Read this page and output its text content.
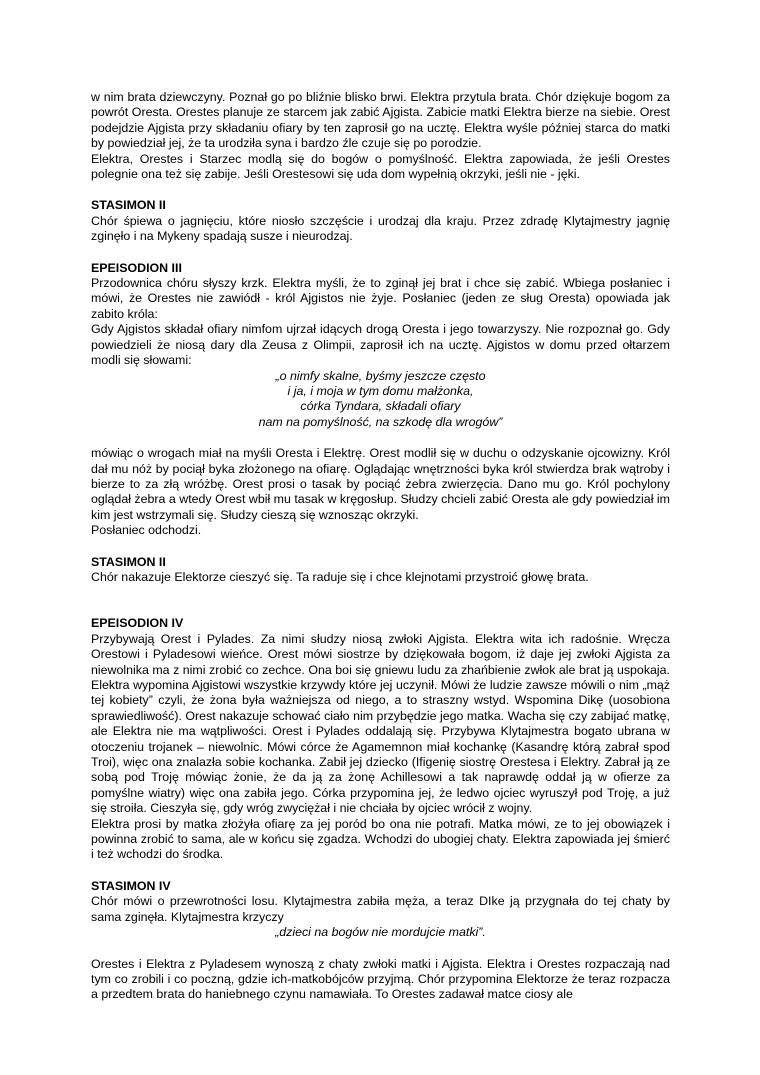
w nim brata dziewczyny. Poznał go po bliźnie blisko brwi. Elektra przytula brata. Chór dziękuje bogom za powrót Oresta. Orestes planuje ze starcem jak zabić Ajgista. Zabicie matki Elektra bierze na siebie. Orest podejdzie Ajgista przy składaniu ofiary by ten zaprosił go na ucztę. Elektra wyśle później starca do matki by powiedział jej, że ta urodziła syna i bardzo źle czuje się po porodzie.

Elektra, Orestes i Starzec modlą się do bogów o pomyślność. Elektra zapowiada, że jeśli Orestes polegnie ona też się zabije. Jeśli Orestesowi się uda dom wypełnią okrzyki, jeśli nie - jęki.

STASIMON II

Chór śpiewa o jagnięciu, które niosło szczęście i urodzaj dla kraju. Przez zdradę Klytajmestry jagnię zginęło i na Mykeny spadają susze i nieurodzaj.

EPEISODION III

Przodownica chóru słyszy krzk. Elektra myśli, że to zginął jej brat i chce się zabić. Wbiega posłaniec i mówi, że Orestes nie zawiódł - król Ajgistos nie żyje. Posłaniec (jeden ze sług Oresta) opowiada jak zabito króla:

Gdy Ajgistos składał ofiary nimfom ujrzał idących drogą Oresta i jego towarzyszy. Nie rozpoznał go. Gdy powiedzieli że niosą dary dla Zeusa z Olimpii, zaprosił ich na ucztę. Ajgistos w domu przed ołtarzem modli się słowami:

„o nimfy skalne, byśmy jeszcze często

i ja, i moja w tym domu małżonka,

córka Tyndara, składali ofiary

nam na pomyślność, na szkodę dla wrogów”

mówiąc o wrogach miał na myśli Oresta i Elektrę. Orest modlił się w duchu o odzyskanie ojcowizny. Król dał mu nóż by pociął byka złożonego na ofiarę. Oglądając wnętrzności byka król stwierdza brak wątroby i bierze to za złą wróżbę. Orest prosi o tasak by pociąć żebra zwierzęcia. Dano mu go. Król pochylony oglądał żebra a wtedy Orest wbił mu tasak w kręgosłup. Słudzy chcieli zabić Oresta ale gdy powiedział im kim jest wstrzymali się. Słudzy cieszą się wznosząc okrzyki.

Posłaniec odchodzi.

STASIMON II

Chór nakazuje Elektorze cieszyć się. Ta raduje się i chce klejnotami przystroić głowę brata.

EPEISODION IV

Przybywają Orest i Pylades. Za nimi słudzy niosą zwłoki Ajgista. Elektra wita ich radośnie. Wręcza Orestowi i Pyladesowi wieńce. Orest mówi siostrze by dziękowała bogom, iż daje jej zwłoki Ajgista za niewolnika ma z nimi zrobić co zechce. Ona boi się gniewu ludu za zhańbienie zwłok ale brat ją uspokaja. Elektra wypomina Ajgistowi wszystkie krzywdy które jej uczynił. Mówi że ludzie zawsze mówili o nim „mąż tej kobiety” czyli, że żona była ważniejsza od niego, a to straszny wstyd. Wspomina Dikę (uosobiona sprawiedliwość). Orest nakazuje schować ciało nim przybędzie jego matka. Wacha się czy zabijać matkę, ale Elektra nie ma wątpliwości. Orest i Pylades oddalają się. Przybywa Klytajmestra bogato ubrana w otoczeniu trojanek – niewolnic. Mówi córce że Agamemnon miał kochankę (Kasandrę którą zabrał spod Troi), więc ona znalazła sobie kochanka. Zabił jej dziecko (Ifigenię siostrę Orestesa i Elektry. Zabrał ją ze sobą pod Troję mówiąc żonie, że da ją za żonę Achillesowi a tak naprawdę oddał ją w ofierze za pomyślne wiatry) więc ona zabiła jego. Córka przypomina jej, że ledwo ojciec wyruszył pod Troję, a już się stroiła. Cieszyła się, gdy wróg zwyciężał i nie chciała by ojciec wrócił z wojny.

Elektra prosi by matka złożyła ofiarę za jej poród bo ona nie potrafi. Matka mówi, ze to jej obowiązek i powinna zrobić to sama, ale w końcu się zgadza. Wchodzi do ubogiej chaty. Elektra zapowiada jej śmierć i też wchodzi do środka.

STASIMON IV

Chór mówi o przewrotności losu. Klytajmestra zabiła męża, a teraz DIke ją przygnała do tej chaty by sama zginęła. Klytajmestra krzyczy

„dzieci na bogów nie mordujcie matki”.

Orestes i Elektra z Pyladesem wynoszą z chaty zwłoki matki i Ajgista. Elektra i Orestes rozpaczają nad tym co zrobili i co poczną, gdzie ich-matkobójców przyjmą. Chór przypomina Elektorze że teraz rozpacza a przedtem brata do haniebnego czynu namawiała. To Orestes zadawał matce ciosy ale
